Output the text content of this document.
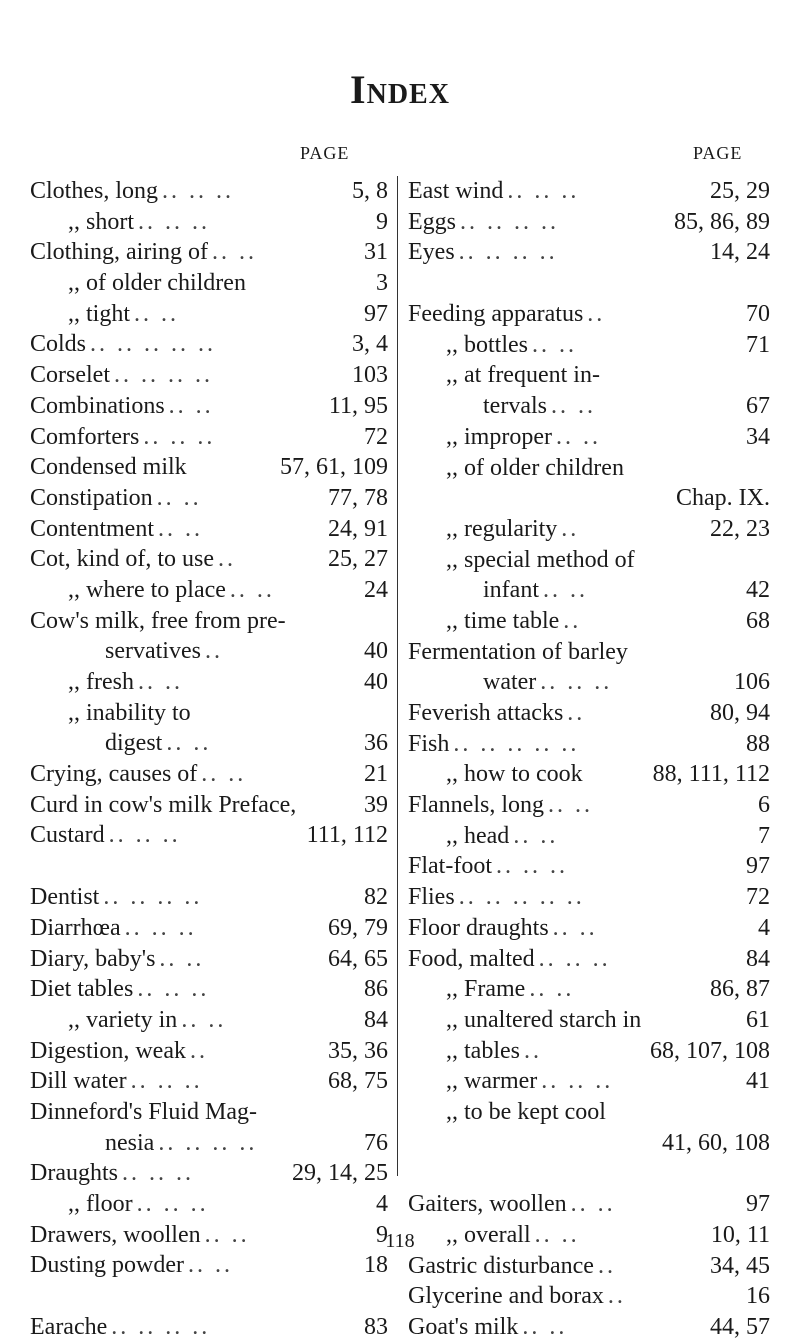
Index
PAGE	PAGE
Clothes, long .. .. ..	5, 8
,, short .. .. ..	9
Clothing, airing of .. ..	31
,, of older children	3
,, tight .. ..	97
Colds .. .. .. .. ..	3, 4
Corselet .. .. .. ..	103
Combinations .. ..	11, 95
Comforters .. .. ..	72
Condensed milk	57, 61, 109
Constipation .. ..	77, 78
Contentment .. ..	24, 91
Cot, kind of, to use ..	25, 27
,, where to place .. ..	24
Cow's milk, free from pre-
servatives ..	40
,, fresh .. ..	40
,, inability to
digest .. ..	36
Crying, causes of .. ..	21
Curd in cow's milk Preface,	39
Custard .. .. ..	111, 112
Dentist .. .. .. ..	82
Diarrhœa .. .. ..	69, 79
Diary, baby's .. ..	64, 65
Diet tables .. .. ..	86
,, variety in .. ..	84
Digestion, weak ..	35, 36
Dill water .. .. ..	68, 75
Dinneford's Fluid Mag-
nesia .. .. .. ..	76
Draughts .. .. ..	29, 14, 25
,, floor .. .. ..	4
Drawers, woollen .. ..	9
Dusting powder .. ..	18
Earache .. .. .. ..	83
East wind .. .. ..	25, 29
Eggs .. .. .. ..	85, 86, 89
Eyes .. .. .. ..	14, 24
Feeding apparatus ..	70
,, bottles .. ..	71
,, at frequent in-
tervals .. ..	67
,, improper .. ..	34
,, of older children
Chap. IX.
,, regularity ..	22, 23
,, special method of
infant .. ..	42
,, time table ..	68
Fermentation of barley
water .. .. ..	106
Feverish attacks ..	80, 94
Fish .. .. .. .. ..	88
,, how to cook	88, 111, 112
Flannels, long .. ..	6
,, head .. ..	7
Flat-foot .. .. ..	97
Flies .. .. .. .. ..	72
Floor draughts .. ..	4
Food, malted .. .. ..	84
,, Frame .. ..	86, 87
,, unaltered starch in	61
,, tables ..	68, 107, 108
,, warmer .. .. ..	41
,, to be kept cool
41, 60, 108
Gaiters, woollen .. ..	97
,, overall .. ..	10, 11
Gastric disturbance ..	34, 45
Glycerine and borax ..	16
Goat's milk .. ..	44, 57
118
